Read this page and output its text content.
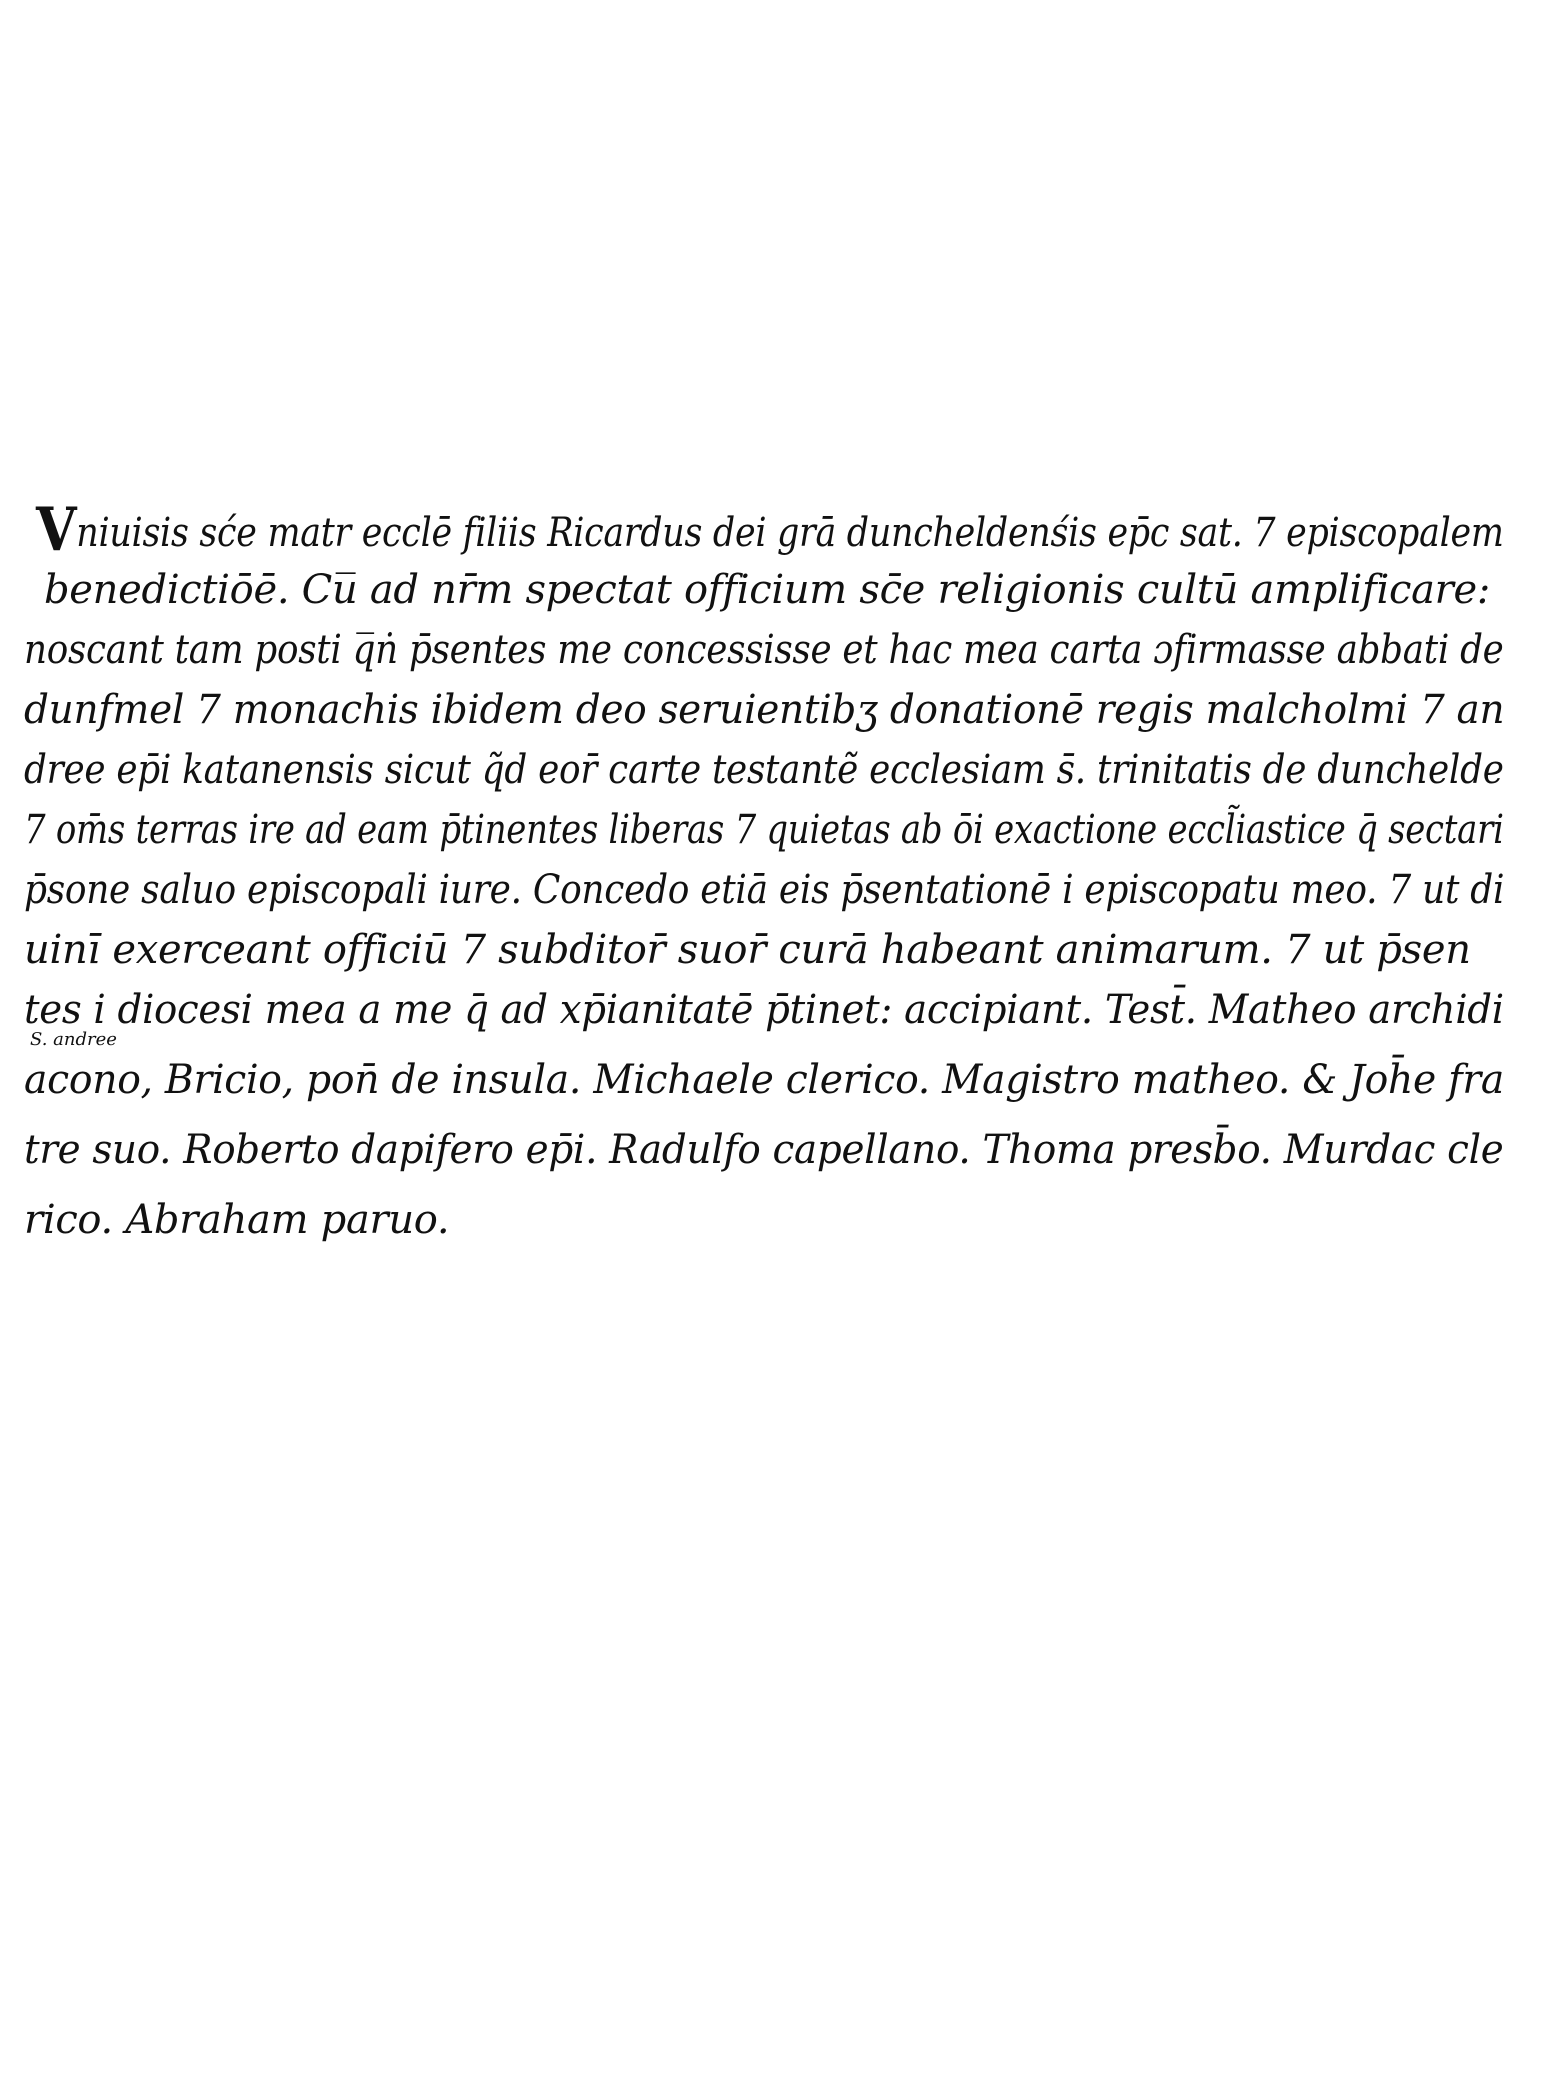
Vniuisis sće matr ecclē filiis Ricardus dei grā duncheldenśis ep̄c sat. 7 episcopalem
benedictiōē. Cu̅ ad nr̄m spectat officium sc̄e religionis cultū amplificare:
noscant tam posti q̅ṅ p̄sentes me concessisse et hac mea carta ɔfirmasse abbati de
dunfmel 7 monachis ibidem deo seruientibʒ donationē regis malcholmi 7 an
dree ep̄i katanensis sicut q̃d eor̄ carte testantẽ ecclesiam s̄. trinitatis de dunchelde
7 om̄s terras ire ad eam p̄tinentes liberas 7 quietas ab ōi exactione eccl̃iastice q̄ sectari
p̄sone saluo episcopali iure. Concedo etiā eis p̄sentationē i episcopatu meo. 7 ut di
uinī exerceant officiū 7 subditor̄ suor̄ curā habeant animarum. 7 ut p̄sen
tes i diocesi mea a me q̄ ad xp̄ianitatē p̄tinet: accipiant. Test̄. Matheo archidi
S. andree
acono, Bricio, pon̄ de insula. Michaele clerico. Magistro matheo. & Joh̄e fra
tre suo. Roberto dapifero ep̄i. Radulfo capellano. Thoma presb̄o. Murdac cle
rico. Abraham paruo.
